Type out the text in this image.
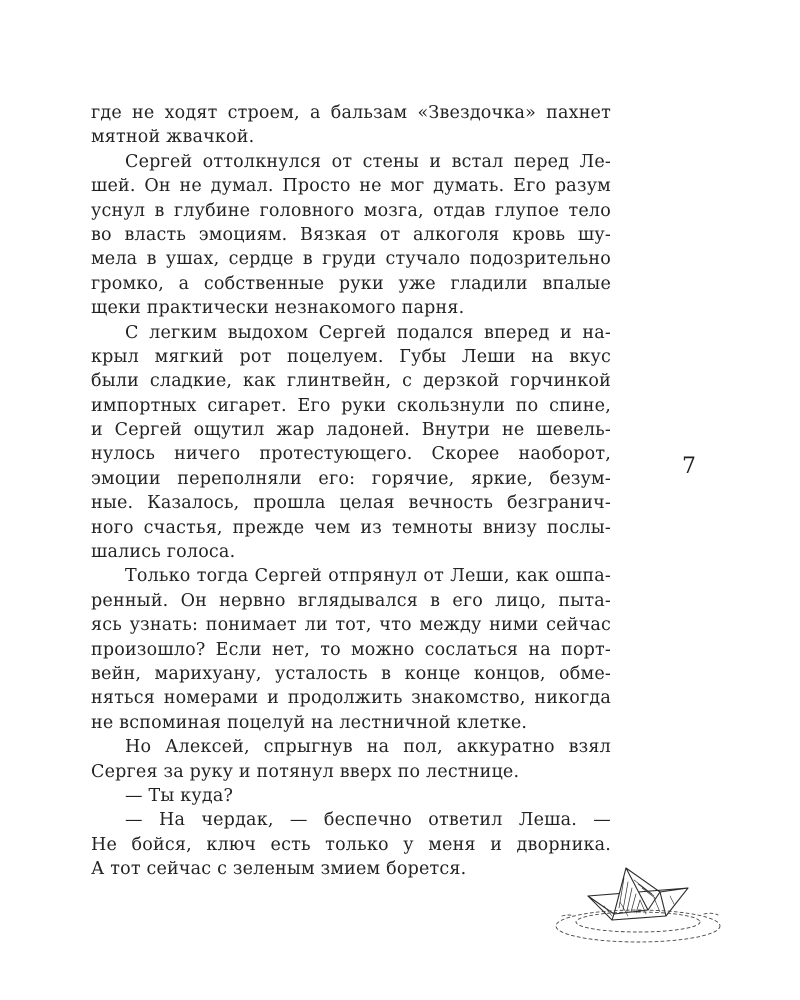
где не ходят строем, а бальзам «Звездочка» пахнет
мятной жвачкой.
Сергей оттолкнулся от стены и встал перед Ле-
шей. Он не думал. Просто не мог думать. Его разум
уснул в глубине головного мозга, отдав глупое тело
во власть эмоциям. Вязкая от алкоголя кровь шу-
мела в ушах, сердце в груди стучало подозрительно
громко, а собственные руки уже гладили впалые
щеки практически незнакомого парня.
С легким выдохом Сергей подался вперед и на-
крыл мягкий рот поцелуем. Губы Леши на вкус
были сладкие, как глинтвейн, с дерзкой горчинкой
импортных сигарет. Его руки скользнули по спине,
и Сергей ощутил жар ладоней. Внутри не шевель-
нулось ничего протестующего. Скорее наоборот,
эмоции переполняли его: горячие, яркие, безум-
ные. Казалось, прошла целая вечность безгранич-
ного счастья, прежде чем из темноты внизу послы-
шались голоса.
Только тогда Сергей отпрянул от Леши, как ошпа-
ренный. Он нервно вглядывался в его лицо, пыта-
ясь узнать: понимает ли тот, что между ними сейчас
произошло? Если нет, то можно сослаться на порт-
вейн, марихуану, усталость в конце концов, обме-
няться номерами и продолжить знакомство, никогда
не вспоминая поцелуй на лестничной клетке.
Но Алексей, спрыгнув на пол, аккуратно взял
Сергея за руку и потянул вверх по лестнице.
— Ты куда?
— На чердак, — беспечно ответил Леша. —
Не бойся, ключ есть только у меня и дворника.
А тот сейчас с зеленым змием борется.
7
